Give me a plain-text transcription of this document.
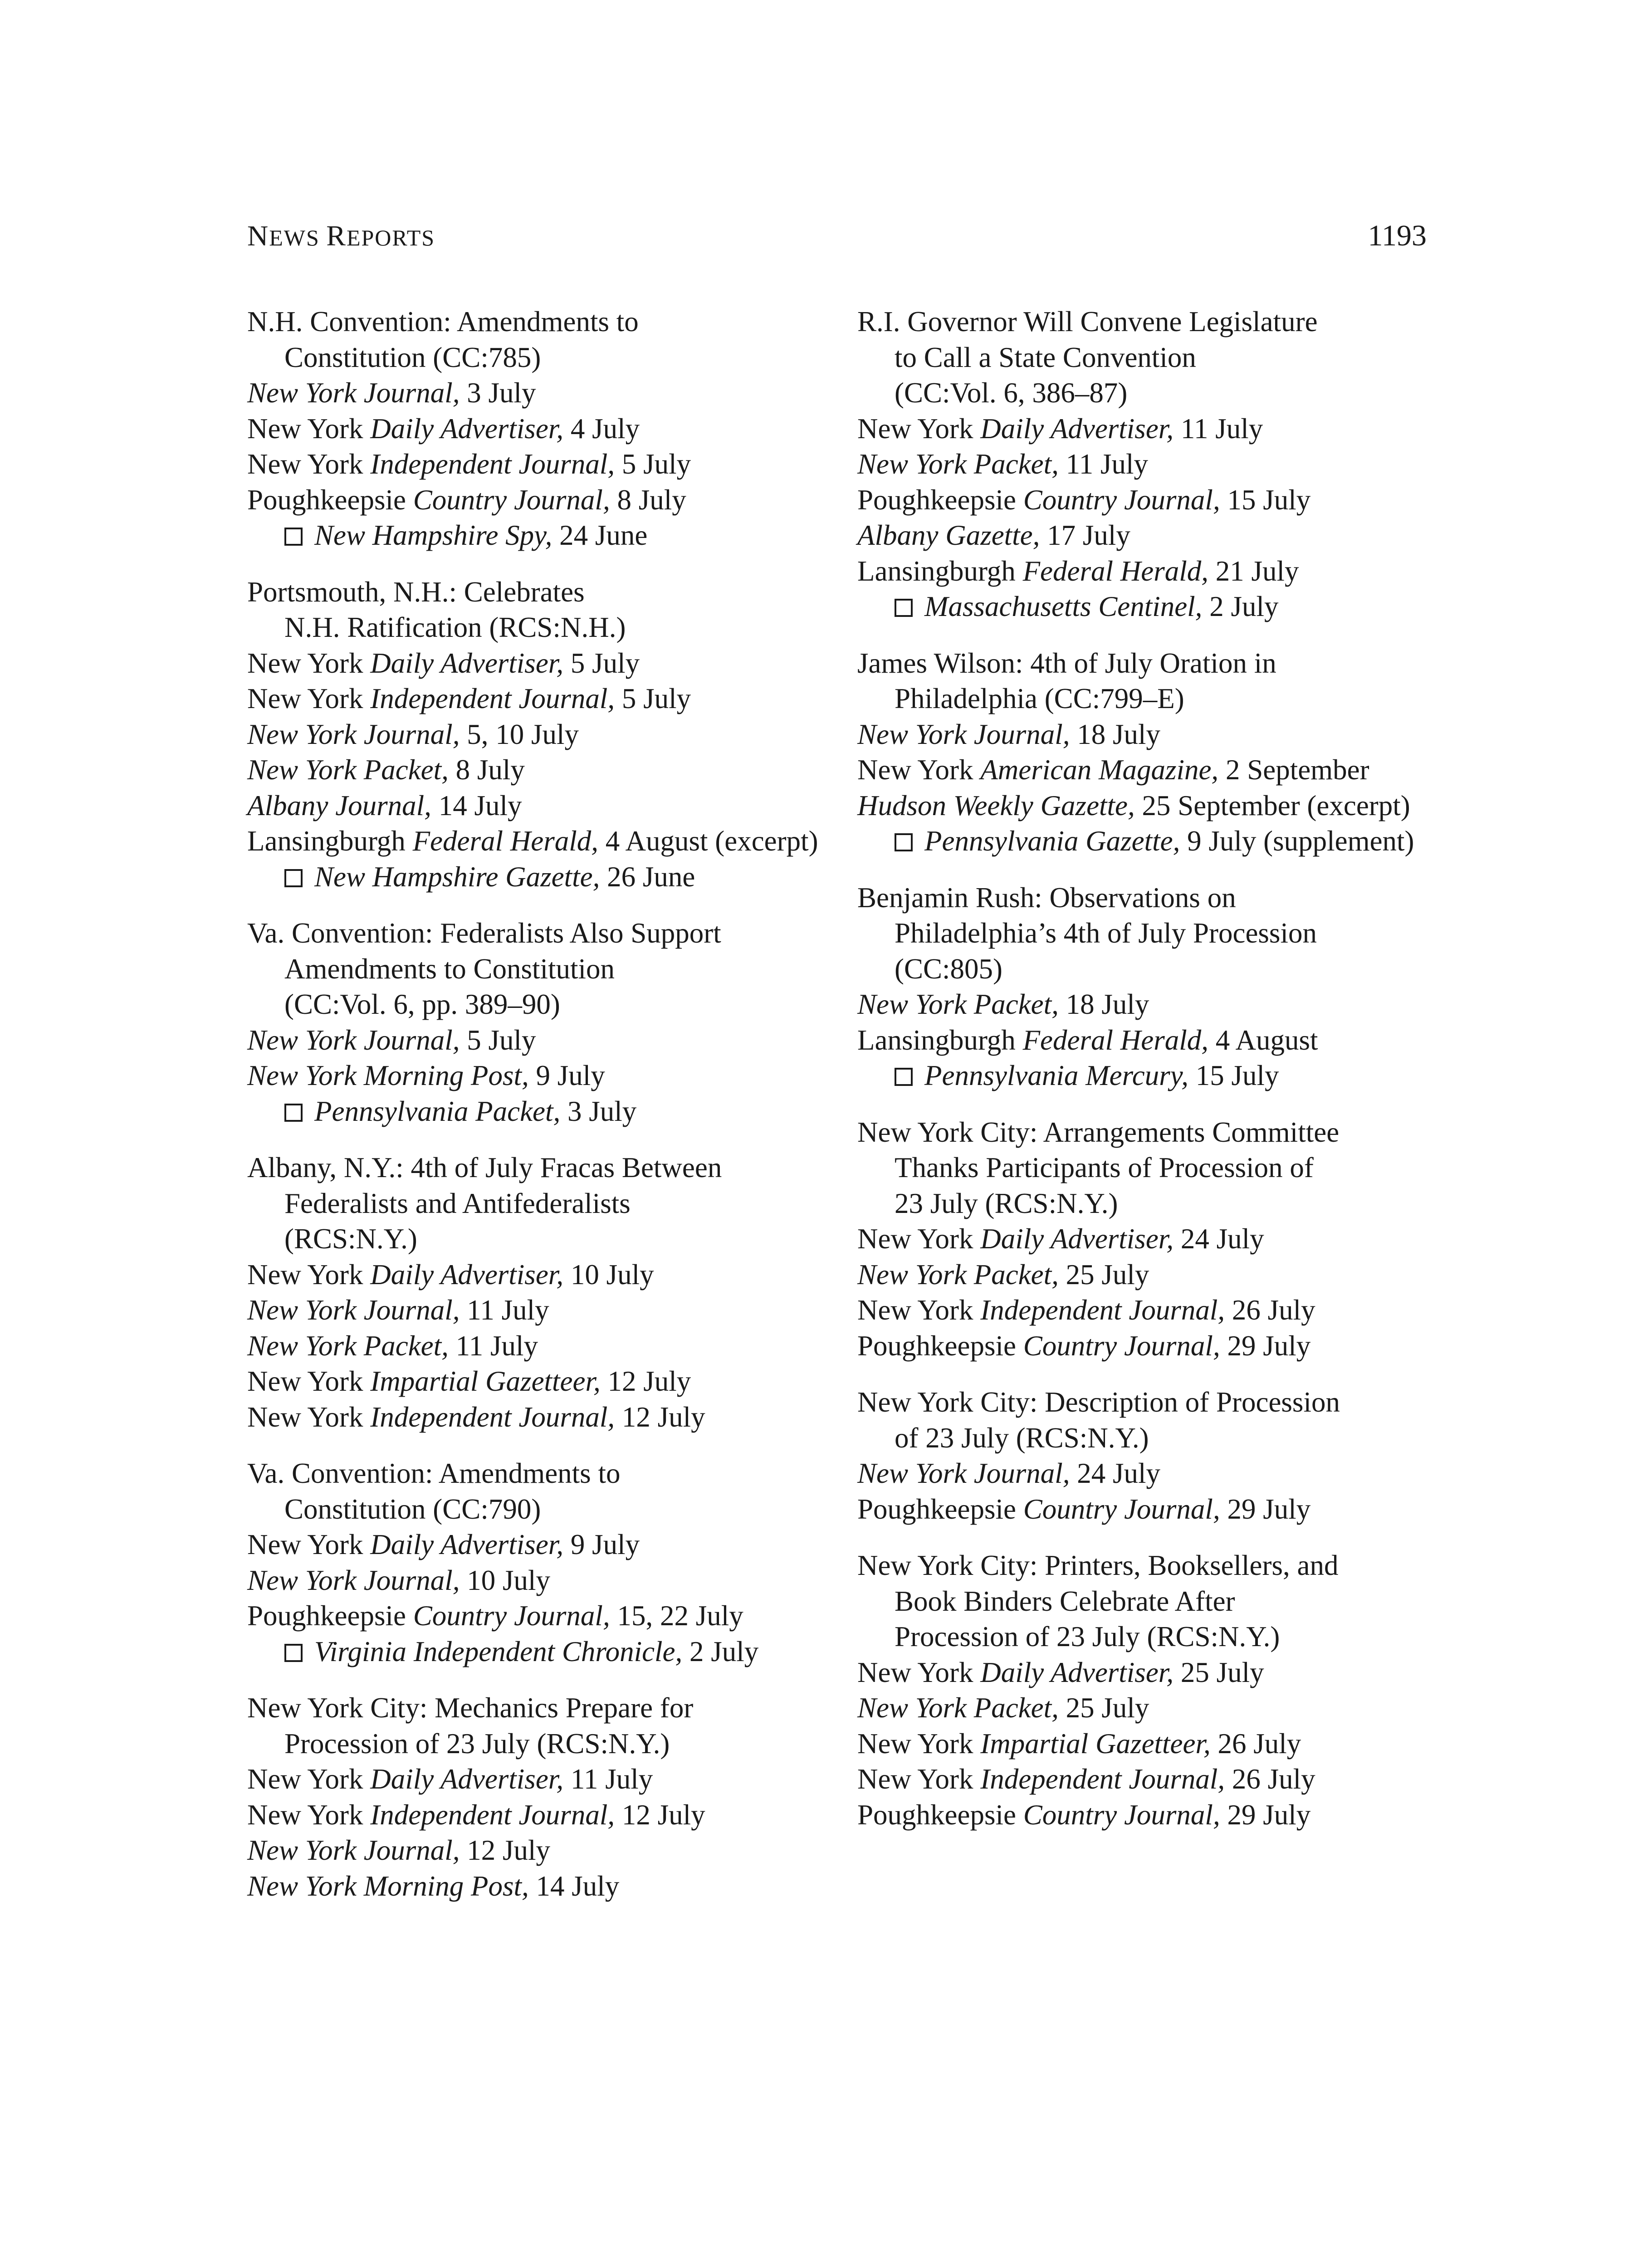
NEWS REPORTS	1193
N.H. Convention: Amendments to
Constitution (CC:785)
New York Journal, 3 July
New York Daily Advertiser, 4 July
New York Independent Journal, 5 July
Poughkeepsie Country Journal, 8 July
New Hampshire Spy, 24 June
Portsmouth, N.H.: Celebrates
N.H. Ratification (RCS:N.H.)
New York Daily Advertiser, 5 July
New York Independent Journal, 5 July
New York Journal, 5, 10 July
New York Packet, 8 July
Albany Journal, 14 July
Lansingburgh Federal Herald, 4 August (excerpt)
New Hampshire Gazette, 26 June
Va. Convention: Federalists Also Support
Amendments to Constitution
(CC:Vol. 6, pp. 389–90)
New York Journal, 5 July
New York Morning Post, 9 July
Pennsylvania Packet, 3 July
Albany, N.Y.: 4th of July Fracas Between
Federalists and Antifederalists
(RCS:N.Y.)
New York Daily Advertiser, 10 July
New York Journal, 11 July
New York Packet, 11 July
New York Impartial Gazetteer, 12 July
New York Independent Journal, 12 July
Va. Convention: Amendments to
Constitution (CC:790)
New York Daily Advertiser, 9 July
New York Journal, 10 July
Poughkeepsie Country Journal, 15, 22 July
Virginia Independent Chronicle, 2 July
New York City: Mechanics Prepare for
Procession of 23 July (RCS:N.Y.)
New York Daily Advertiser, 11 July
New York Independent Journal, 12 July
New York Journal, 12 July
New York Morning Post, 14 July
R.I. Governor Will Convene Legislature
to Call a State Convention
(CC:Vol. 6, 386–87)
New York Daily Advertiser, 11 July
New York Packet, 11 July
Poughkeepsie Country Journal, 15 July
Albany Gazette, 17 July
Lansingburgh Federal Herald, 21 July
Massachusetts Centinel, 2 July
James Wilson: 4th of July Oration in
Philadelphia (CC:799–E)
New York Journal, 18 July
New York American Magazine, 2 September
Hudson Weekly Gazette, 25 September (excerpt)
Pennsylvania Gazette, 9 July (supplement)
Benjamin Rush: Observations on
Philadelphia’s 4th of July Procession
(CC:805)
New York Packet, 18 July
Lansingburgh Federal Herald, 4 August
Pennsylvania Mercury, 15 July
New York City: Arrangements Committee
Thanks Participants of Procession of
23 July (RCS:N.Y.)
New York Daily Advertiser, 24 July
New York Packet, 25 July
New York Independent Journal, 26 July
Poughkeepsie Country Journal, 29 July
New York City: Description of Procession
of 23 July (RCS:N.Y.)
New York Journal, 24 July
Poughkeepsie Country Journal, 29 July
New York City: Printers, Booksellers, and
Book Binders Celebrate After
Procession of 23 July (RCS:N.Y.)
New York Daily Advertiser, 25 July
New York Packet, 25 July
New York Impartial Gazetteer, 26 July
New York Independent Journal, 26 July
Poughkeepsie Country Journal, 29 July
